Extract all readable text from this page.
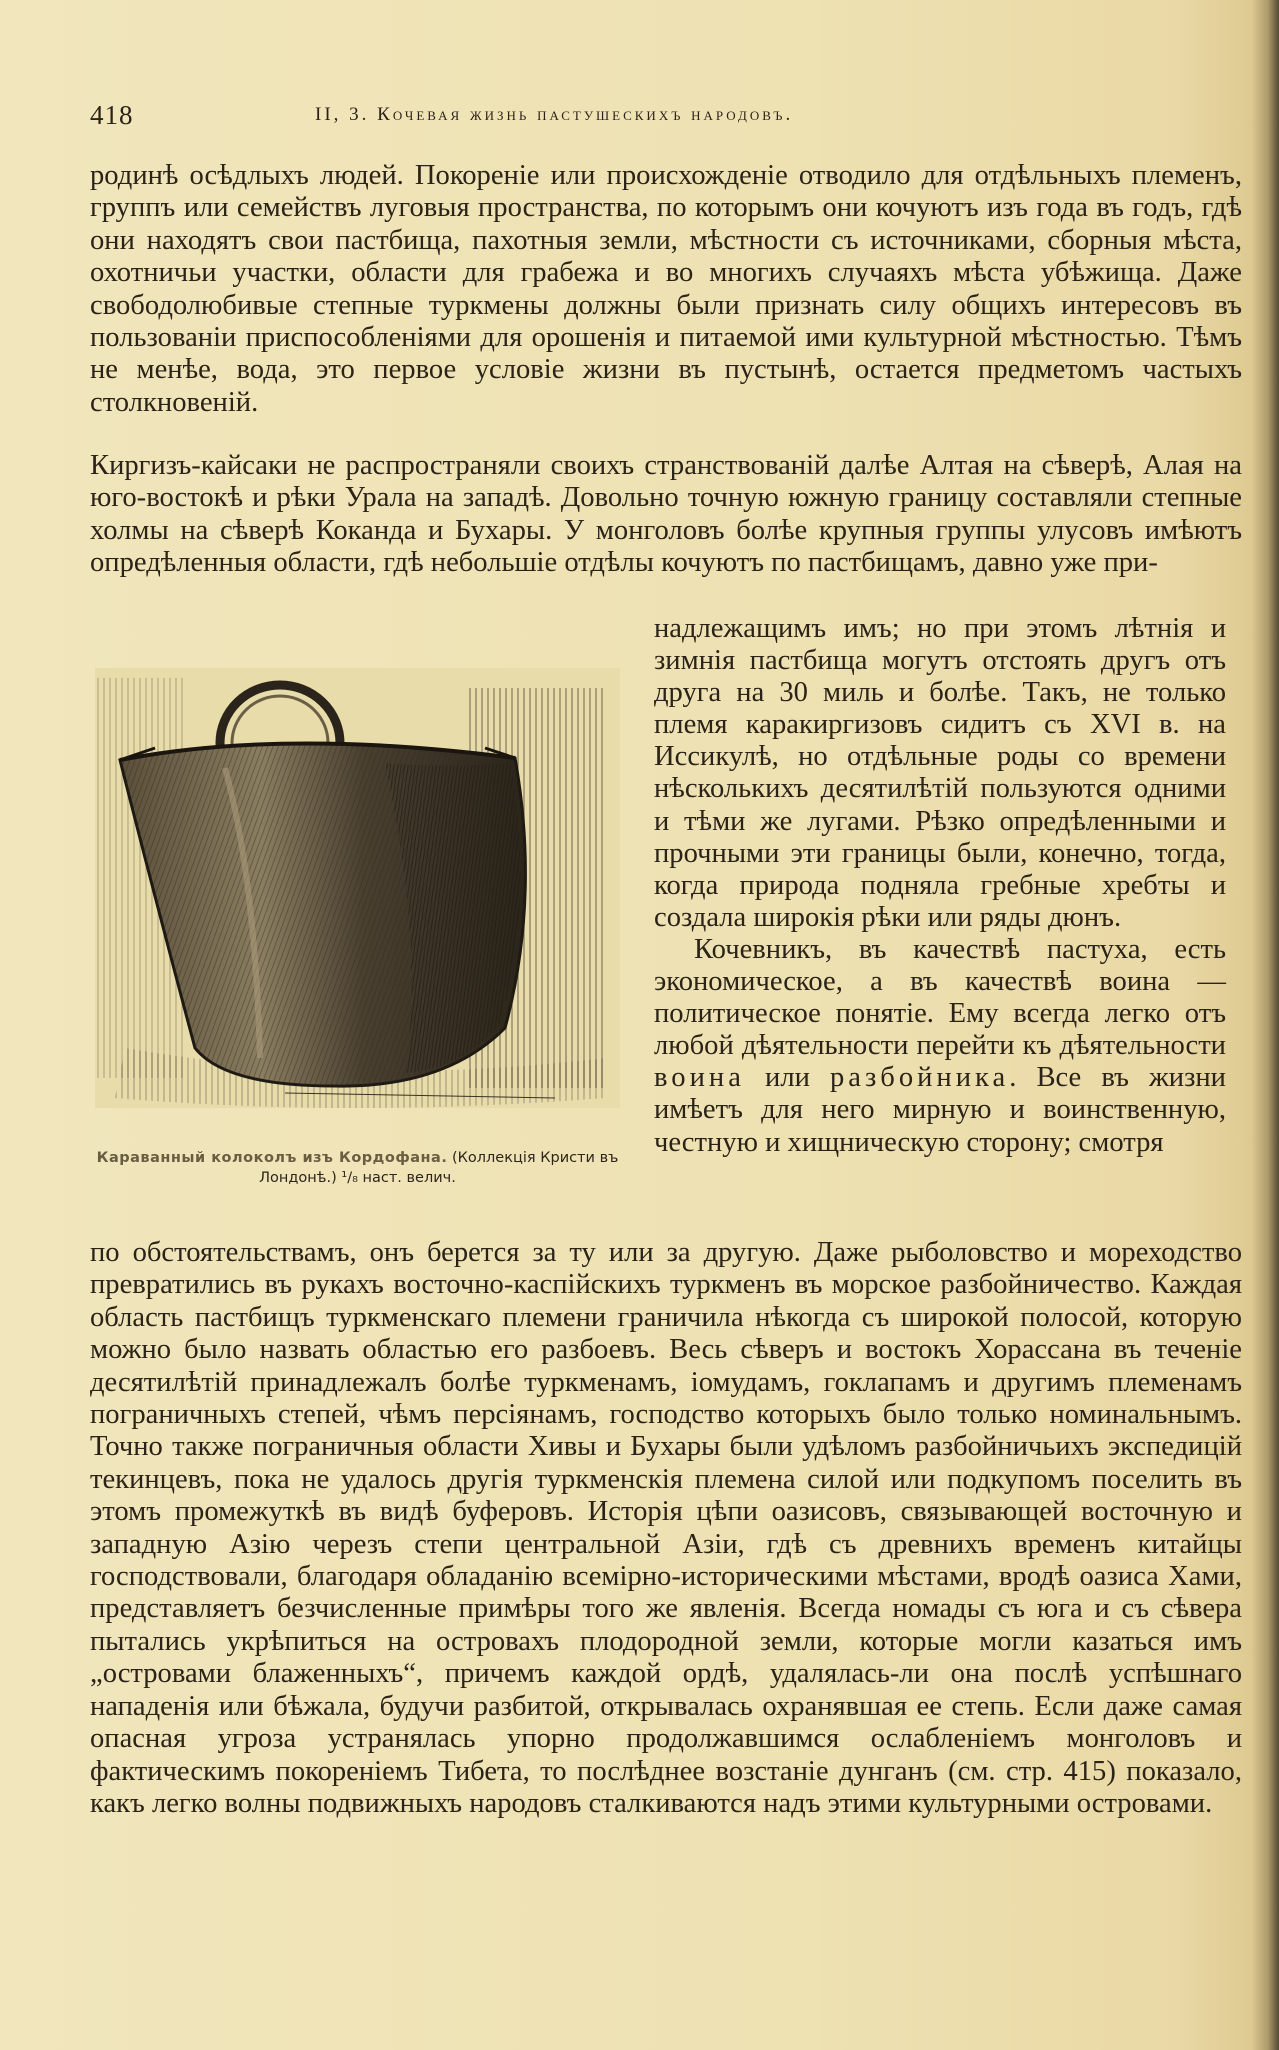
418	II, 3. Кочевая жизнь пастушескихъ народовъ.

родинѣ осѣдлыхъ людей. Покореніе или происхожденіе отводило для отдѣльныхъ племенъ, группъ или семействъ луговыя пространства, по которымъ они кочуютъ изъ года въ годъ, гдѣ они находятъ свои пастбища, пахотныя земли, мѣстности съ источниками, сборныя мѣста, охотничьи участки, области для грабежа и во многихъ случаяхъ мѣста убѣжища. Даже свободолюбивые степные туркмены должны были признать силу общихъ интересовъ въ пользованіи приспособленіями для орошенія и питаемой ими культурной мѣстностью. Тѣмъ не менѣе, вода, это первое условіе жизни въ пустынѣ, остается предметомъ частыхъ столкновеній.

Киргизъ-кайсаки не распространяли своихъ странствованій далѣе Алтая на сѣверѣ, Алая на юго-востокѣ и рѣки Урала на западѣ. Довольно точную южную границу составляли степные холмы на сѣверѣ Коканда и Бухары. У монголовъ болѣе крупныя группы улусовъ имѣютъ опредѣленныя области, гдѣ небольшіе отдѣлы кочуютъ по пастбищамъ, давно уже при-

Караванный колоколъ изъ Кордофана. (Коллекція Кристи въ Лондонѣ.) ¹/₈ наст. велич.

надлежащимъ имъ; но при этомъ лѣтнія и зимнія пастбища могутъ отстоять другъ отъ друга на 30 миль и болѣе. Такъ, не только племя каракиргизовъ сидитъ съ XVI в. на Иссикулѣ, но отдѣльные роды со времени нѣсколькихъ десятилѣтій пользуются одними и тѣми же лугами. Рѣзко опредѣленными и прочными эти границы были, конечно, тогда, когда природа подняла гребные хребты и создала широкія рѣки или ряды дюнъ.

Кочевникъ, въ качествѣ пастуха, есть экономическое, а въ качествѣ воина — политическое понятіе. Ему всегда легко отъ любой дѣятельности перейти къ дѣятельности воина или разбойника. Все въ жизни имѣетъ для него мирную и воинственную, честную и хищническую сторону; смотря

по обстоятельствамъ, онъ берется за ту или за другую. Даже рыболовство и мореходство превратились въ рукахъ восточно-каспійскихъ туркменъ въ морское разбойничество. Каждая область пастбищъ туркменскаго племени граничила нѣкогда съ широкой полосой, которую можно было назвать областью его разбоевъ. Весь сѣверъ и востокъ Хорассана въ теченіе десятилѣтій принадлежалъ болѣе туркменамъ, іомудамъ, гоклапамъ и другимъ племенамъ пограничныхъ степей, чѣмъ персіянамъ, господство которыхъ было только номинальнымъ. Точно также пограничныя области Хивы и Бухары были удѣломъ разбойничьихъ экспедицій текинцевъ, пока не удалось другія туркменскія племена силой или подкупомъ поселить въ этомъ промежуткѣ въ видѣ буферовъ. Исторія цѣпи оазисовъ, связывающей восточную и западную Азію черезъ степи центральной Азіи, гдѣ съ древнихъ временъ китайцы господствовали, благодаря обладанію всемірно-историческими мѣстами, вродѣ оазиса Хами, представляетъ безчисленные примѣры того же явленія. Всегда номады съ юга и съ сѣвера пытались укрѣпиться на островахъ плодородной земли, которые могли казаться имъ „островами блаженныхъ“, причемъ каждой ордѣ, удалялась-ли она послѣ успѣшнаго нападенія или бѣжала, будучи разбитой, открывалась охранявшая ее степь. Если даже самая опасная угроза устранялась упорно продолжавшимся ослабленіемъ монголовъ и фактическимъ покореніемъ Тибета, то послѣднее возстаніе дунганъ (см. стр. 415) показало, какъ легко волны подвижныхъ народовъ сталкиваются надъ этими культурными островами.
